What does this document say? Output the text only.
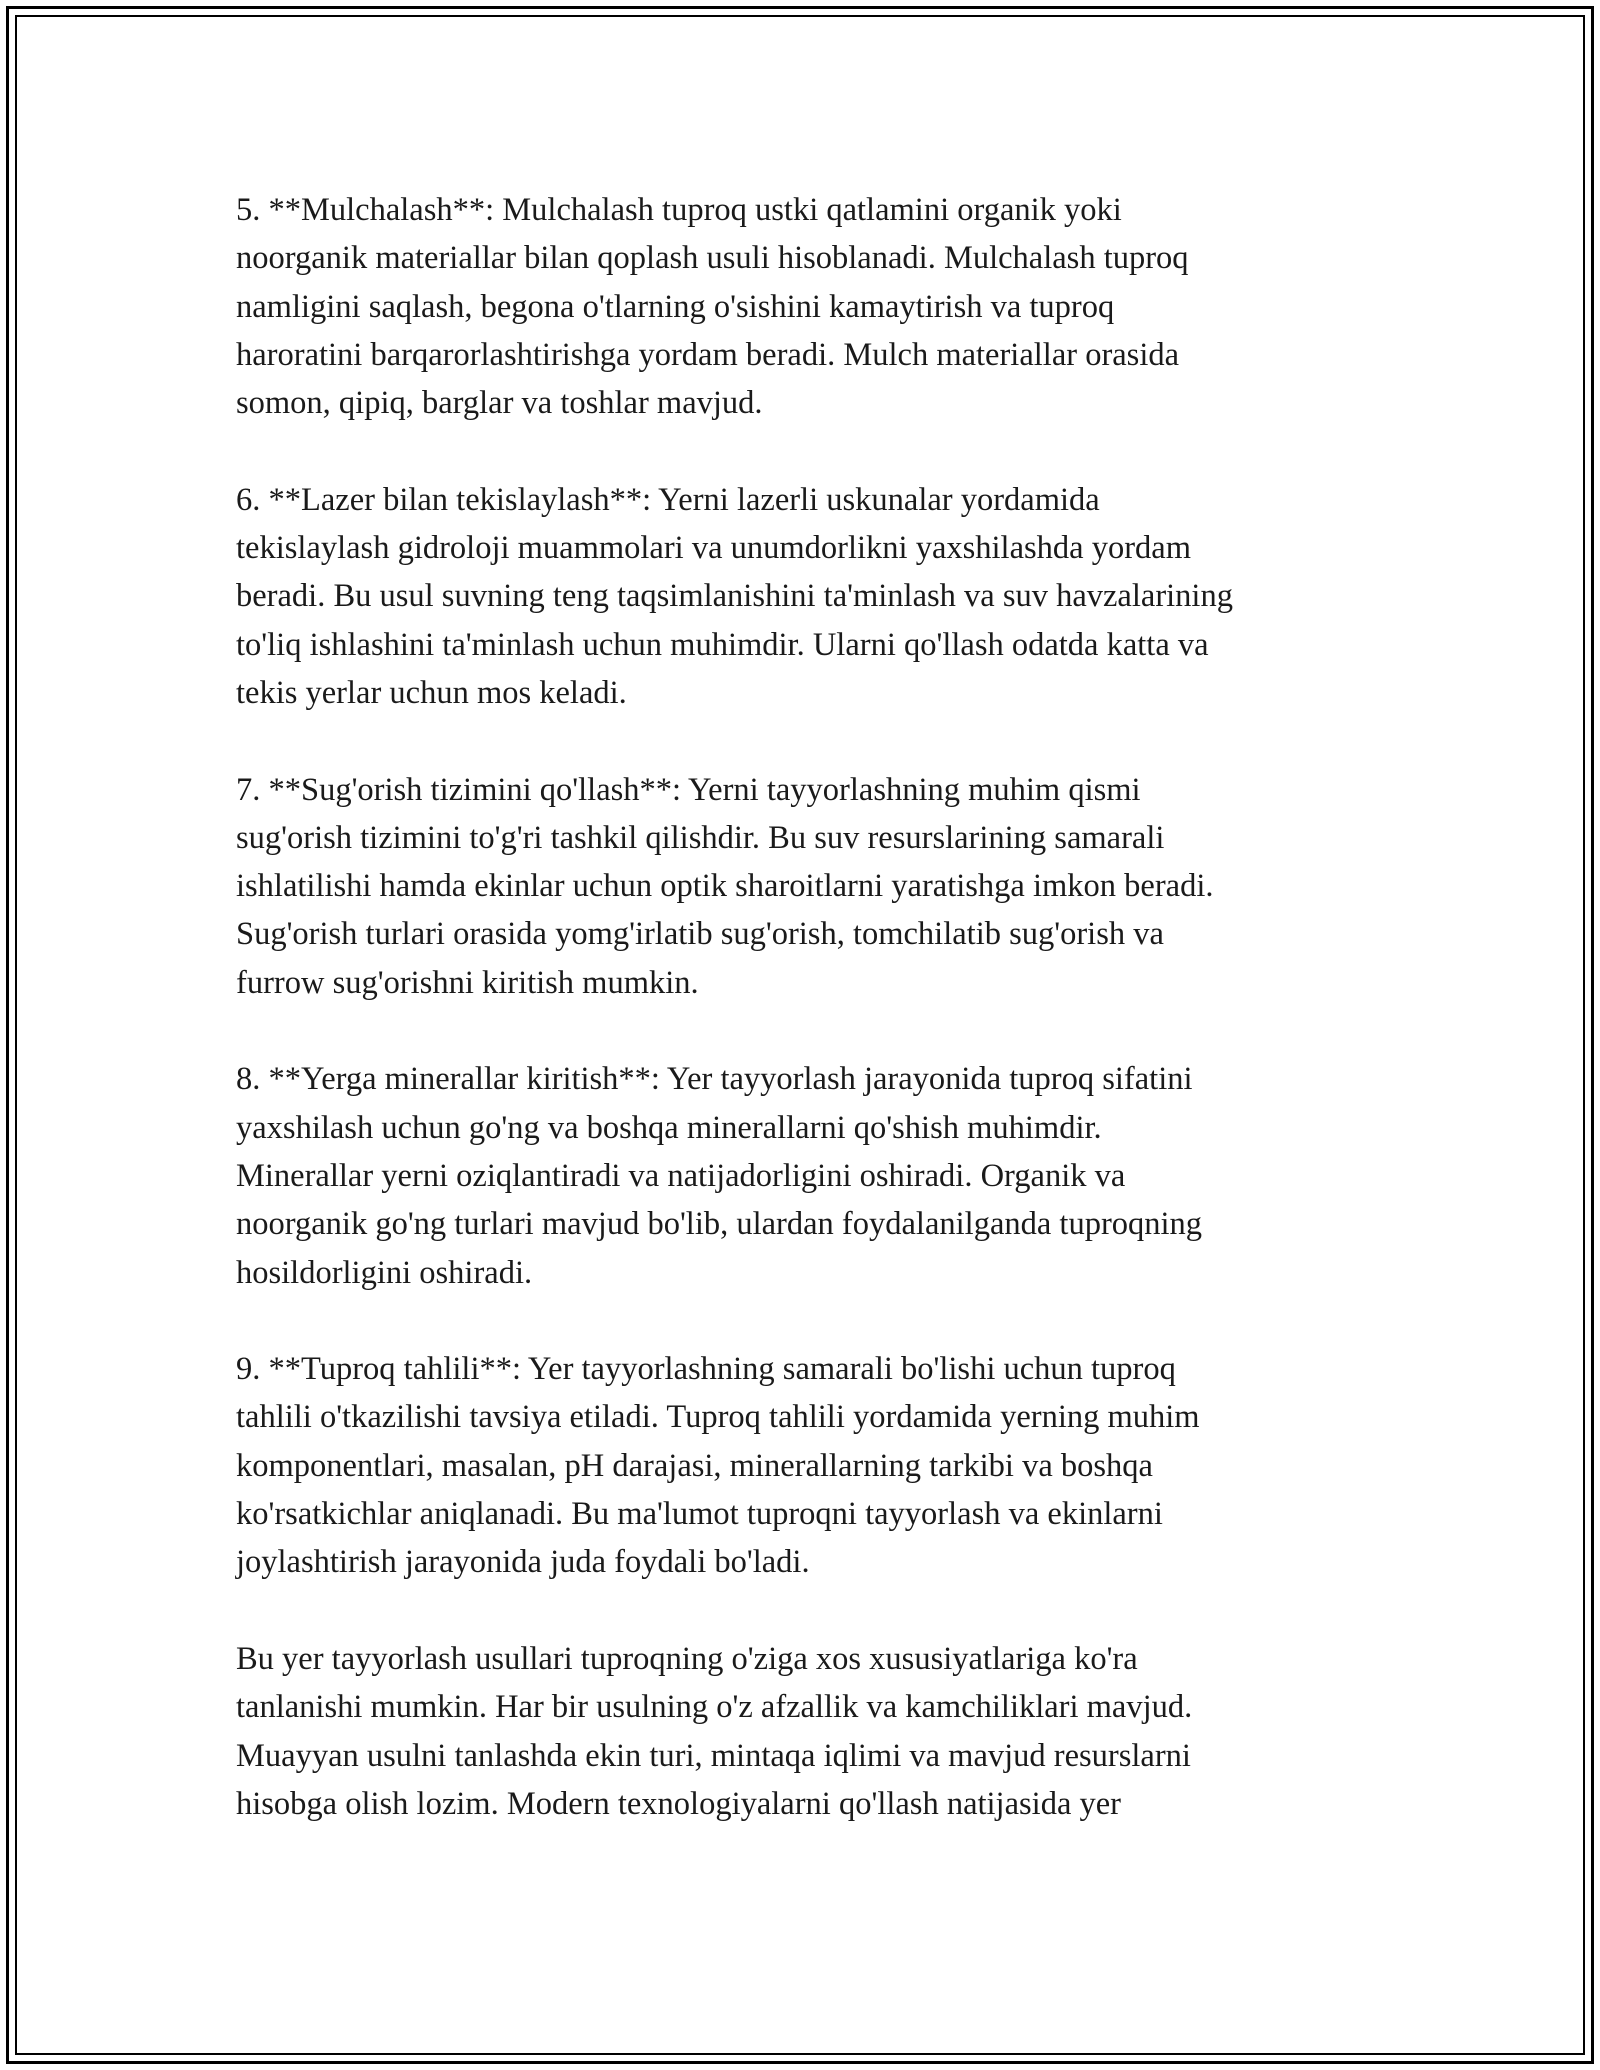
5. **Mulchalash**: Mulchalash tuproq ustki qatlamini organik yoki
noorganik materiallar bilan qoplash usuli hisoblanadi. Mulchalash tuproq
namligini saqlash, begona o'tlarning o'sishini kamaytirish va tuproq
haroratini barqarorlashtirishga yordam beradi. Mulch materiallar orasida
somon, qipiq, barglar va toshlar mavjud.

6. **Lazer bilan tekislaylash**: Yerni lazerli uskunalar yordamida
tekislaylash gidroloji muammolari va unumdorlikni yaxshilashda yordam
beradi. Bu usul suvning teng taqsimlanishini ta'minlash va suv havzalarining
to'liq ishlashini ta'minlash uchun muhimdir. Ularni qo'llash odatda katta va
tekis yerlar uchun mos keladi.

7. **Sug'orish tizimini qo'llash**: Yerni tayyorlashning muhim qismi
sug'orish tizimini to'g'ri tashkil qilishdir. Bu suv resurslarining samarali
ishlatilishi hamda ekinlar uchun optik sharoitlarni yaratishga imkon beradi.
Sug'orish turlari orasida yomg'irlatib sug'orish, tomchilatib sug'orish va
furrow sug'orishni kiritish mumkin.

8. **Yerga minerallar kiritish**: Yer tayyorlash jarayonida tuproq sifatini
yaxshilash uchun go'ng va boshqa minerallarni qo'shish muhimdir.
Minerallar yerni oziqlantiradi va natijadorligini oshiradi. Organik va
noorganik go'ng turlari mavjud bo'lib, ulardan foydalanilganda tuproqning
hosildorligini oshiradi.

9. **Tuproq tahlili**: Yer tayyorlashning samarali bo'lishi uchun tuproq
tahlili o'tkazilishi tavsiya etiladi. Tuproq tahlili yordamida yerning muhim
komponentlari, masalan, pH darajasi, minerallarning tarkibi va boshqa
ko'rsatkichlar aniqlanadi. Bu ma'lumot tuproqni tayyorlash va ekinlarni
joylashtirish jarayonida juda foydali bo'ladi.

Bu yer tayyorlash usullari tuproqning o'ziga xos xususiyatlariga ko'ra
tanlanishi mumkin. Har bir usulning o'z afzallik va kamchiliklari mavjud.
Muayyan usulni tanlashda ekin turi, mintaqa iqlimi va mavjud resurslarni
hisobga olish lozim. Modern texnologiyalarni qo'llash natijasida yer
